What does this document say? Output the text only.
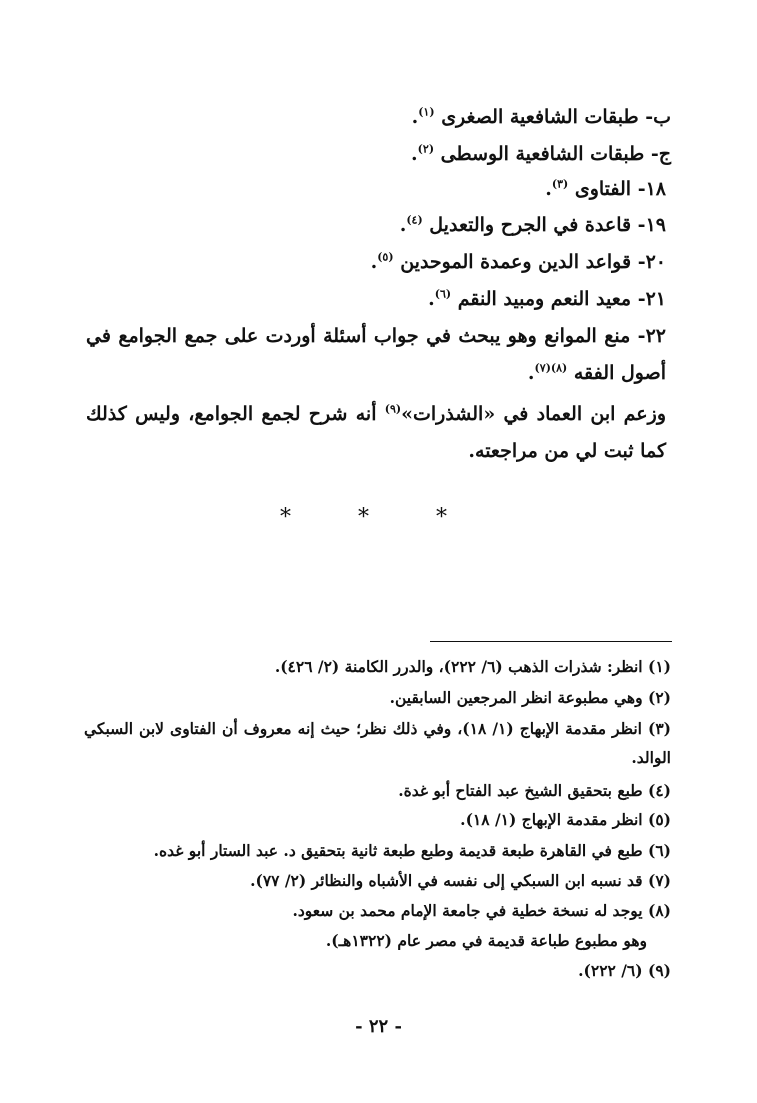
ب- طبقات الشافعية الصغرى $^{(١)}$.
ج- طبقات الشافعية الوسطى $^{(٢)}$.
١٨- الفتاوى $^{(٣)}$.
١٩- قاعدة في الجرح والتعديل $^{(٤)}$.
٢٠- قواعد الدين وعمدة الموحدين $^{(٥)}$.
٢١- معيد النعم ومبيد النقم $^{(٦)}$.
٢٢- منع الموانع وهو يبحث في جواب أسئلة أوردت على جمع الجوامع في أصول الفقه $^{(٨)(٧)}$.
وزعم ابن العماد في «الشذرات»$^{(٩)}$ أنه شرح لجمع الجوامع، وليس كذلك كما ثبت لي من مراجعته.
* * *
(١) انظر: شذرات الذهب (٦/ ٢٢٢)، والدرر الكامنة (٢/ ٤٢٦).
(٢) وهي مطبوعة انظر المرجعين السابقين.
(٣) انظر مقدمة الإبهاج (١/ ١٨)، وفي ذلك نظر؛ حيث إنه معروف أن الفتاوى لابن السبكي الوالد.
(٤) طبع بتحقيق الشيخ عبد الفتاح أبو غدة.
(٥) انظر مقدمة الإبهاج (١/ ١٨).
(٦) طبع في القاهرة طبعة قديمة وطبع طبعة ثانية بتحقيق د. عبد الستار أبو غده.
(٧) قد نسبه ابن السبكي إلى نفسه في الأشباه والنظائر (٢/ ٧٧).
(٨) يوجد له نسخة خطية في جامعة الإمام محمد بن سعود.
وهو مطبوع طباعة قديمة في مصر عام (١٣٢٢هـ).
(٩) (٦/ ٢٢٢).
- ٢٢ -
